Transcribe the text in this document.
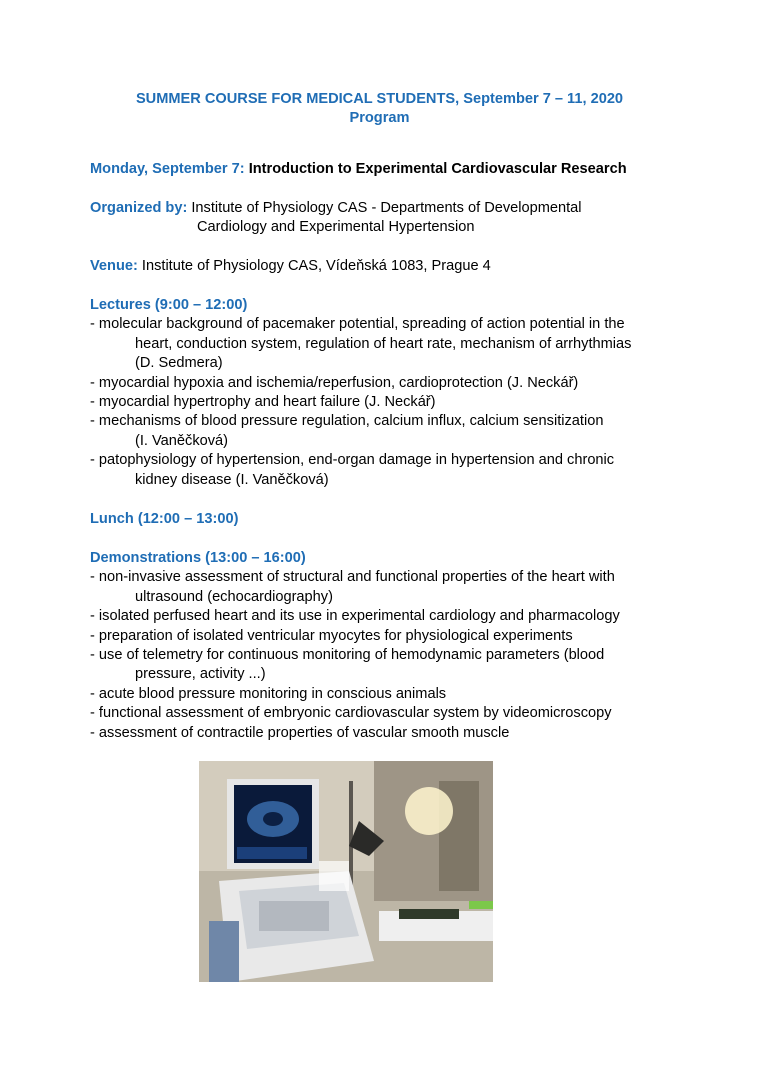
SUMMER COURSE FOR MEDICAL STUDENTS, September 7 – 11, 2020
Program
Monday, September 7: Introduction to Experimental Cardiovascular Research
Organized by: Institute of Physiology CAS - Departments of Developmental
Cardiology and Experimental Hypertension
Venue: Institute of Physiology CAS, Vídeňská 1083, Prague 4
Lectures (9:00 – 12:00)
- molecular background of pacemaker potential, spreading of action potential in the
heart, conduction system, regulation of heart rate, mechanism of arrhythmias
(D. Sedmera)
- myocardial hypoxia and ischemia/reperfusion, cardioprotection (J. Neckář)
- myocardial hypertrophy and heart failure (J. Neckář)
- mechanisms of blood pressure regulation, calcium influx, calcium sensitization
(I. Vaněčková)
- patophysiology of hypertension, end-organ damage in hypertension and chronic
kidney disease (I. Vaněčková)
Lunch (12:00 – 13:00)
Demonstrations (13:00 – 16:00)
- non-invasive assessment of structural and functional properties of the heart with
ultrasound (echocardiography)
- isolated perfused heart and its use in experimental cardiology and pharmacology
- preparation of isolated ventricular myocytes for physiological experiments
- use of telemetry for continuous monitoring of hemodynamic parameters (blood
pressure, activity ...)
- acute blood pressure monitoring in conscious animals
- functional assessment of embryonic cardiovascular system by videomicroscopy
- assessment of contractile properties of vascular smooth muscle
